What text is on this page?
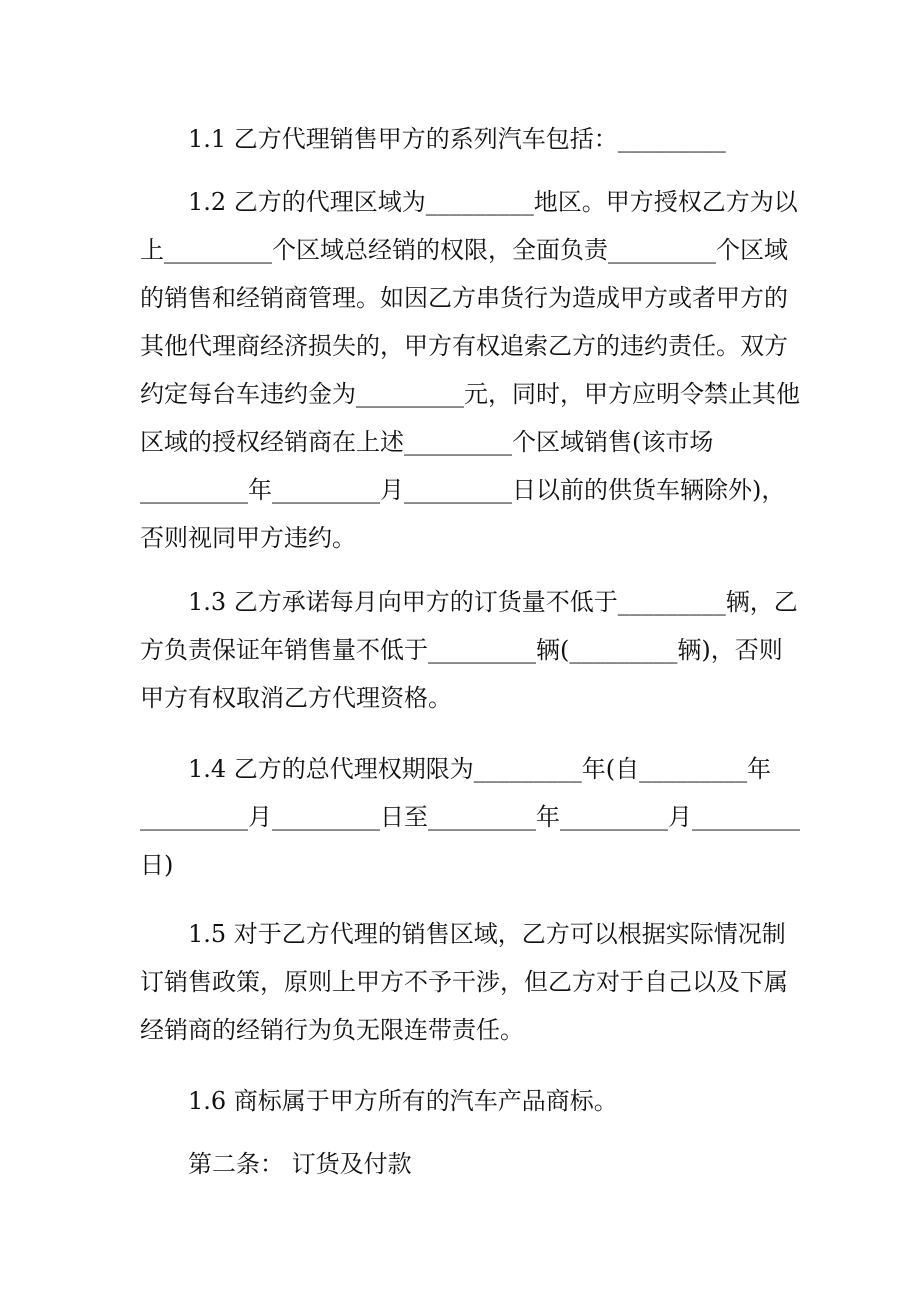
1.1 乙方代理销售甲方的系列汽车包括：_________
1.2 乙方的代理区域为_________地区。甲方授权乙方为以
上_________个区域总经销的权限，全面负责_________个区域
的销售和经销商管理。如因乙方串货行为造成甲方或者甲方的
其他代理商经济损失的，甲方有权追索乙方的违约责任。双方
约定每台车违约金为_________元，同时，甲方应明令禁止其他
区域的授权经销商在上述_________个区域销售(该市场
_________年_________月_________日以前的供货车辆除外)，
否则视同甲方违约。
1.3 乙方承诺每月向甲方的订货量不低于_________辆，乙
方负责保证年销售量不低于_________辆(_________辆)，否则
甲方有权取消乙方代理资格。
1.4 乙方的总代理权期限为_________年(自_________年
_________月_________日至_________年_________月_________
日)
1.5 对于乙方代理的销售区域，乙方可以根据实际情况制
订销售政策，原则上甲方不予干涉，但乙方对于自己以及下属
经销商的经销行为负无限连带责任。
1.6 商标属于甲方所有的汽车产品商标。
第二条： 订货及付款
